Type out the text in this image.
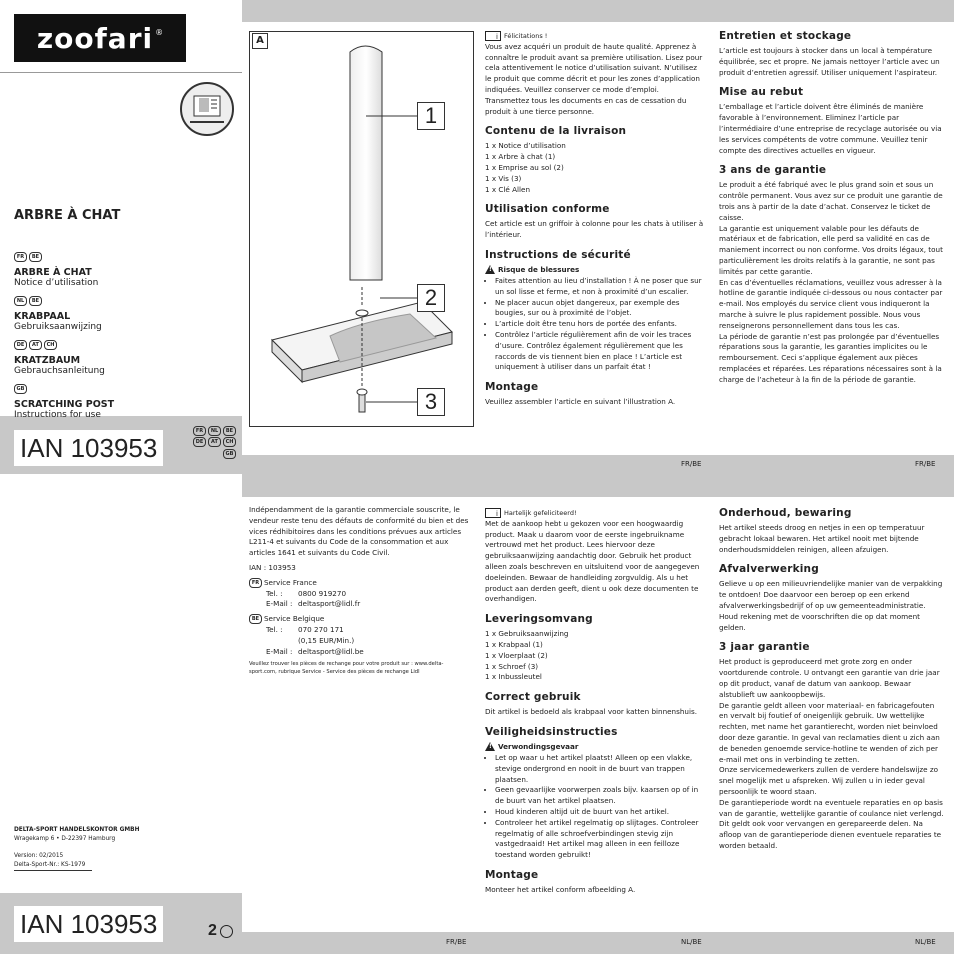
zoofari ®
ARBRE À CHAT
FR BE
ARBRE À CHAT
Notice d’utilisation
NL BE
KRABPAAL
Gebruiksaanwijzing
DE AT CH
KRATZBAUM
Gebrauchsanleitung
GB
SCRATCHING POST
Instructions for use
IAN 103953
FR NL BE
DE AT CH
GB
DELTA-SPORT HANDELSKONTOR GMBH
Wragekamp 6 • D-22397 Hamburg
Version: 02/2015
Delta-Sport-Nr.: KS-1979
IAN 103953	2
A
1
2
3

i Félicitations !

Vous avez acquéri un produit de haute qualité. Apprenez à connaître le produit avant sa première utilisation. Lisez pour cela attentivement le notice d’utilisation suivant. N’utilisez le produit que comme décrit et pour les zones d’application indiquées. Veuillez conserver ce mode d’emploi. Transmettez tous les documents en cas de cessation du produit à une tierce personne.

Contenu de la livraison

1 x Notice d’utilisation

1 x Arbre à chat (1)

1 x Emprise au sol (2)

1 x Vis (3)

1 x Clé Allen

Utilisation conforme

Cet article est un griffoir à colonne pour les chats à utiliser à l’intérieur.

Instructions de sécurité
!
Risque de blessures
• Faites attention au lieu d’installation ! À ne poser que sur un sol lisse et ferme, et non à proximité d’un escalier.
• Ne placer aucun objet dangereux, par exemple des bougies, sur ou à proximité de l’objet.
• L’article doit être tenu hors de portée des enfants.
• Contrôlez l’article régulièrement afin de voir les traces d’usure. Contrôlez également régulièrement que les raccords de vis tiennent bien en place ! L’article est uniquement à utiliser dans un parfait état !
Montage

Veuillez assembler l’article en suivant l’illustration A.

Entretien et stockage

L’article est toujours à stocker dans un local à température équilibrée, sec et propre. Ne jamais nettoyer l’article avec un produit d’entretien agressif. Utiliser uniquement l’aspirateur.

Mise au rebut

L’emballage et l’article doivent être éliminés de manière favorable à l’environnement. Eliminez l’article par l’intermédiaire d’une entreprise de recyclage autorisée ou via les services compétents de votre commune. Veuillez tenir compte des directives actuelles en vigueur.

3 ans de garantie

Le produit a été fabriqué avec le plus grand soin et sous un contrôle permanent. Vous avez sur ce produit une garantie de trois ans à partir de la date d’achat. Conservez le ticket de caisse.

La garantie est uniquement valable pour les défauts de matériaux et de fabrication, elle perd sa validité en cas de maniement incorrect ou non conforme. Vos droits légaux, tout particulièrement les droits relatifs à la garantie, ne sont pas limités par cette garantie.

En cas d’éventuelles réclamations, veuillez vous adresser à la hotline de garantie indiquée ci-dessous ou nous contacter par e-mail. Nos employés du service client vous indiqueront la marche à suivre le plus rapidement possible. Nous vous renseignerons personnellement dans tous les cas.

La période de garantie n’est pas prolongée par d’éventuelles réparations sous la garantie, les garanties implicites ou le remboursement. Ceci s’applique également aux pièces remplacées et réparées. Les réparations nécessaires sont à la charge de l’acheteur à la fin de la période de garantie.

FR/BE	FR/BE
FR/BE	NL/BE	NL/BE

Indépendamment de la garantie commerciale souscrite, le vendeur reste tenu des défauts de conformité du bien et des vices rédhibitoires dans les conditions prévues aux articles L211-4 et suivants du Code de la consommation et aux articles 1641 et suivants du Code Civil.

IAN : 103953

FR Service France

Tel. : 0800 919270

E-Mail : deltasport@lidl.fr

BE Service Belgique

Tel. : 070 270 171

(0,15 EUR/Min.)

E-Mail : deltasport@lidl.be

Veuillez trouver les pièces de rechange pour votre produit sur : www.delta-sport.com, rubrique Service - Service des pièces de rechange Lidl

i Hartelijk gefeliciteerd!

Met de aankoop hebt u gekozen voor een hoogwaardig product. Maak u daarom voor de eerste ingebruikname vertrouwd met het product. Lees hiervoor deze gebruiksaanwijzing aandachtig door. Gebruik het product alleen zoals beschreven en uitsluitend voor de aangegeven doeleinden. Bewaar de handleiding zorgvuldig. Als u het product aan derden geeft, dient u ook deze documenten te overhandigen.

Leveringsomvang

1 x Gebruiksaanwijzing

1 x Krabpaal (1)

1 x Vloerplaat (2)

1 x Schroef (3)

1 x Inbussleutel

Correct gebruik

Dit artikel is bedoeld als krabpaal voor katten binnenshuis.

Veiligheidsinstructies
!
Verwondingsgevaar
• Let op waar u het artikel plaatst! Alleen op een vlakke, stevige ondergrond en nooit in de buurt van trappen plaatsen.
• Geen gevaarlijke voorwerpen zoals bijv. kaarsen op of in de buurt van het artikel plaatsen.
• Houd kinderen altijd uit de buurt van het artikel.
• Controleer het artikel regelmatig op slijtages. Controleer regelmatig of alle schroefverbindingen stevig zijn vastgedraaid! Het artikel mag alleen in een feilloze toestand worden gebruikt!
Montage

Monteer het artikel conform afbeelding A.

Onderhoud, bewaring

Het artikel steeds droog en netjes in een op temperatuur gebracht lokaal bewaren. Het artikel nooit met bijtende onderhoudsmiddelen reinigen, alleen afzuigen.

Afvalverwerking

Gelieve u op een milieuvriendelijke manier van de verpakking te ontdoen! Doe daarvoor een beroep op een erkend afvalverwerkingsbedrijf of op uw gemeenteadministratie. Houd rekening met de voorschriften die op dat moment gelden.

3 jaar garantie

Het product is geproduceerd met grote zorg en onder voortdurende controle. U ontvangt een garantie van drie jaar op dit product, vanaf de datum van aankoop. Bewaar alstublieft uw aankoopbewijs.

De garantie geldt alleen voor materiaal- en fabricagefouten en vervalt bij foutief of oneigenlijk gebruik. Uw wettelijke rechten, met name het garantierecht, worden niet beinvloed door deze garantie. In geval van reclamaties dient u zich aan de beneden genoemde service-hotline te wenden of zich per e-mail met ons in verbinding te zetten.

Onze servicemedewerkers zullen de verdere handelswijze zo snel mogelijk met u afspreken. Wij zullen u in ieder geval persoonlijk te woord staan.

De garantieperiode wordt na eventuele reparaties en op basis van de garantie, wettelijke garantie of coulance niet verlengd. Dit geldt ook voor vervangen en gerepareerde delen. Na afloop van de garantieperiode dienen eventuele reparaties te worden betaald.
